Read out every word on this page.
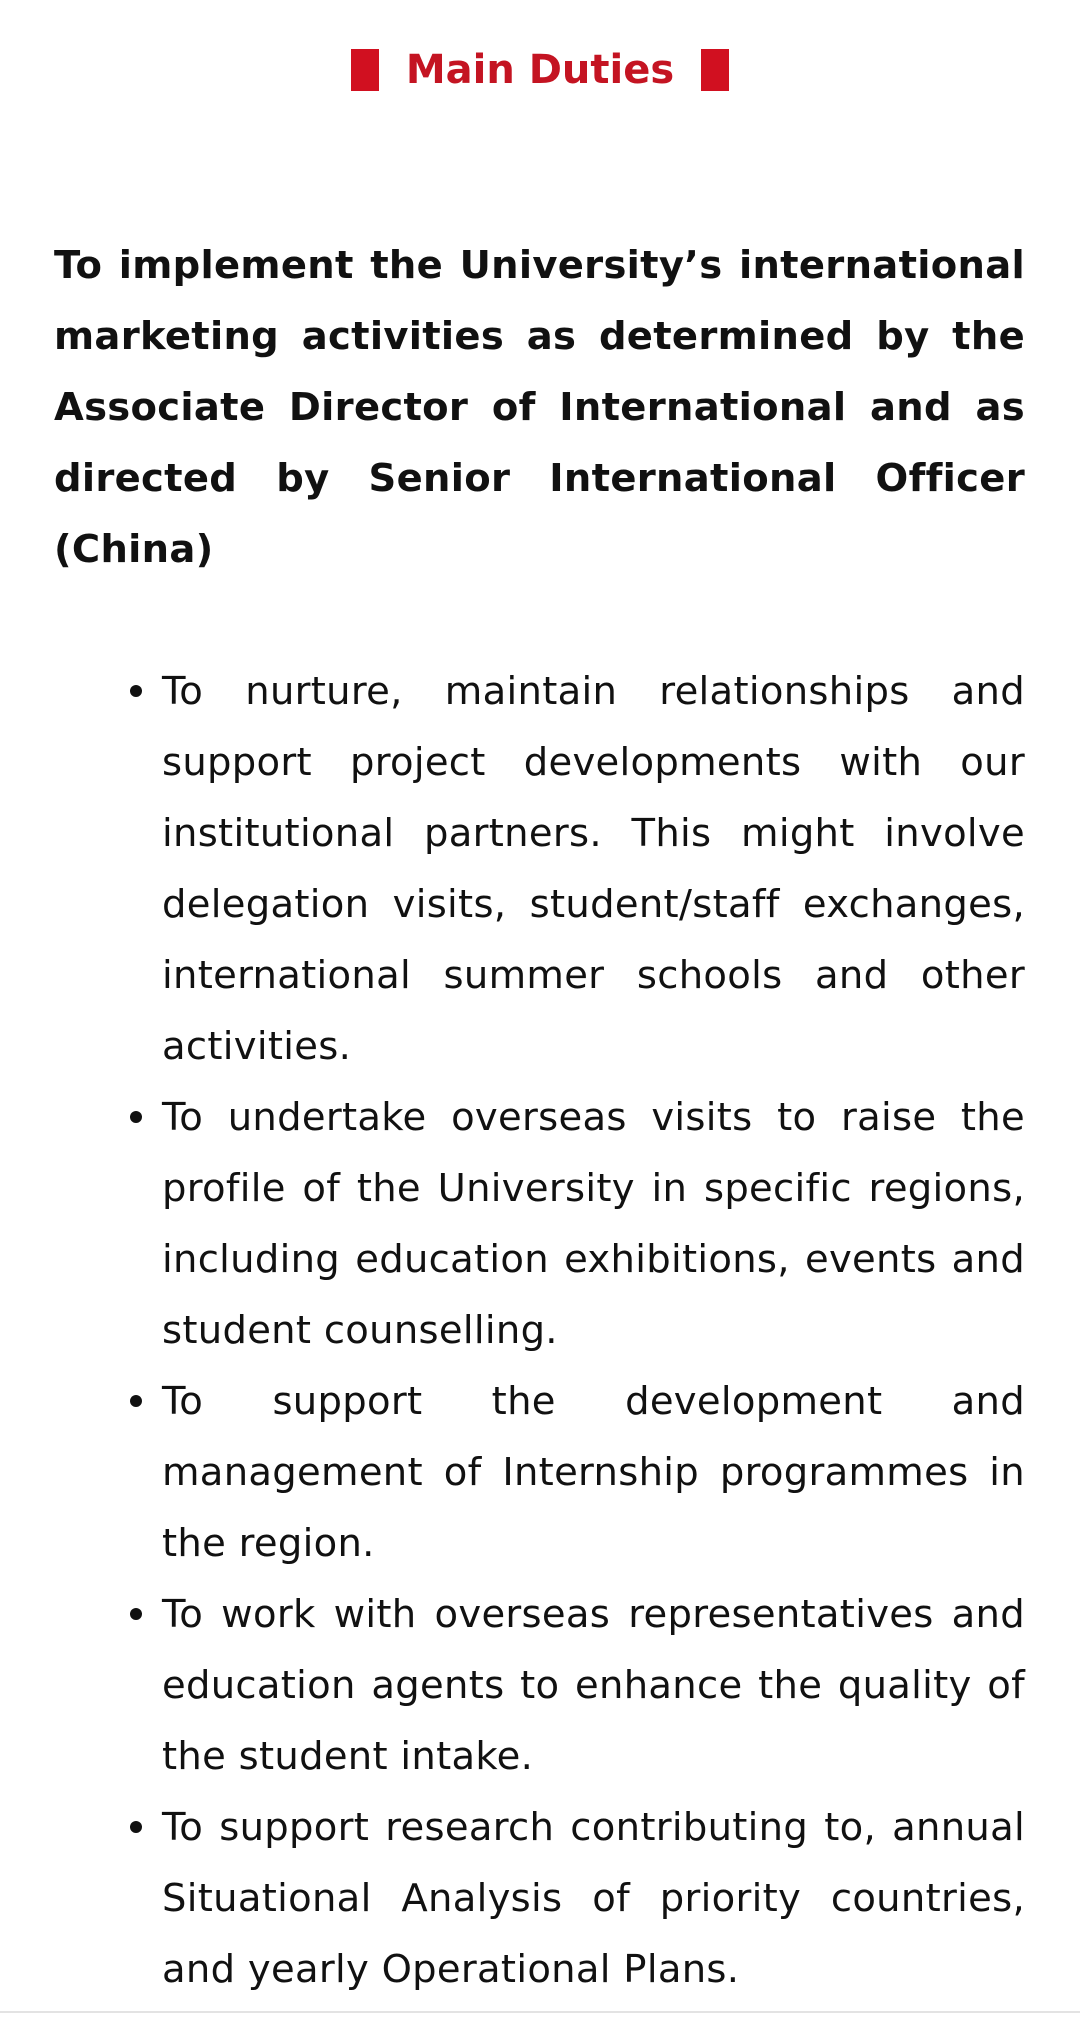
Main Duties

To implement the University’s international marketing activities as determined by the Associate Director of International and as directed by Senior International Officer (China)

To nurture, maintain relationships and support project developments with our institutional partners. This might involve delegation visits, student/staff exchanges, international summer schools and other activities.
To undertake overseas visits to raise the profile of the University in specific regions, including education exhibitions, events and student counselling.
To support the development and management of Internship programmes in the region.
To work with overseas representatives and education agents to enhance the quality of the student intake.
To support research contributing to, annual Situational Analysis of priority countries, and yearly Operational Plans.
